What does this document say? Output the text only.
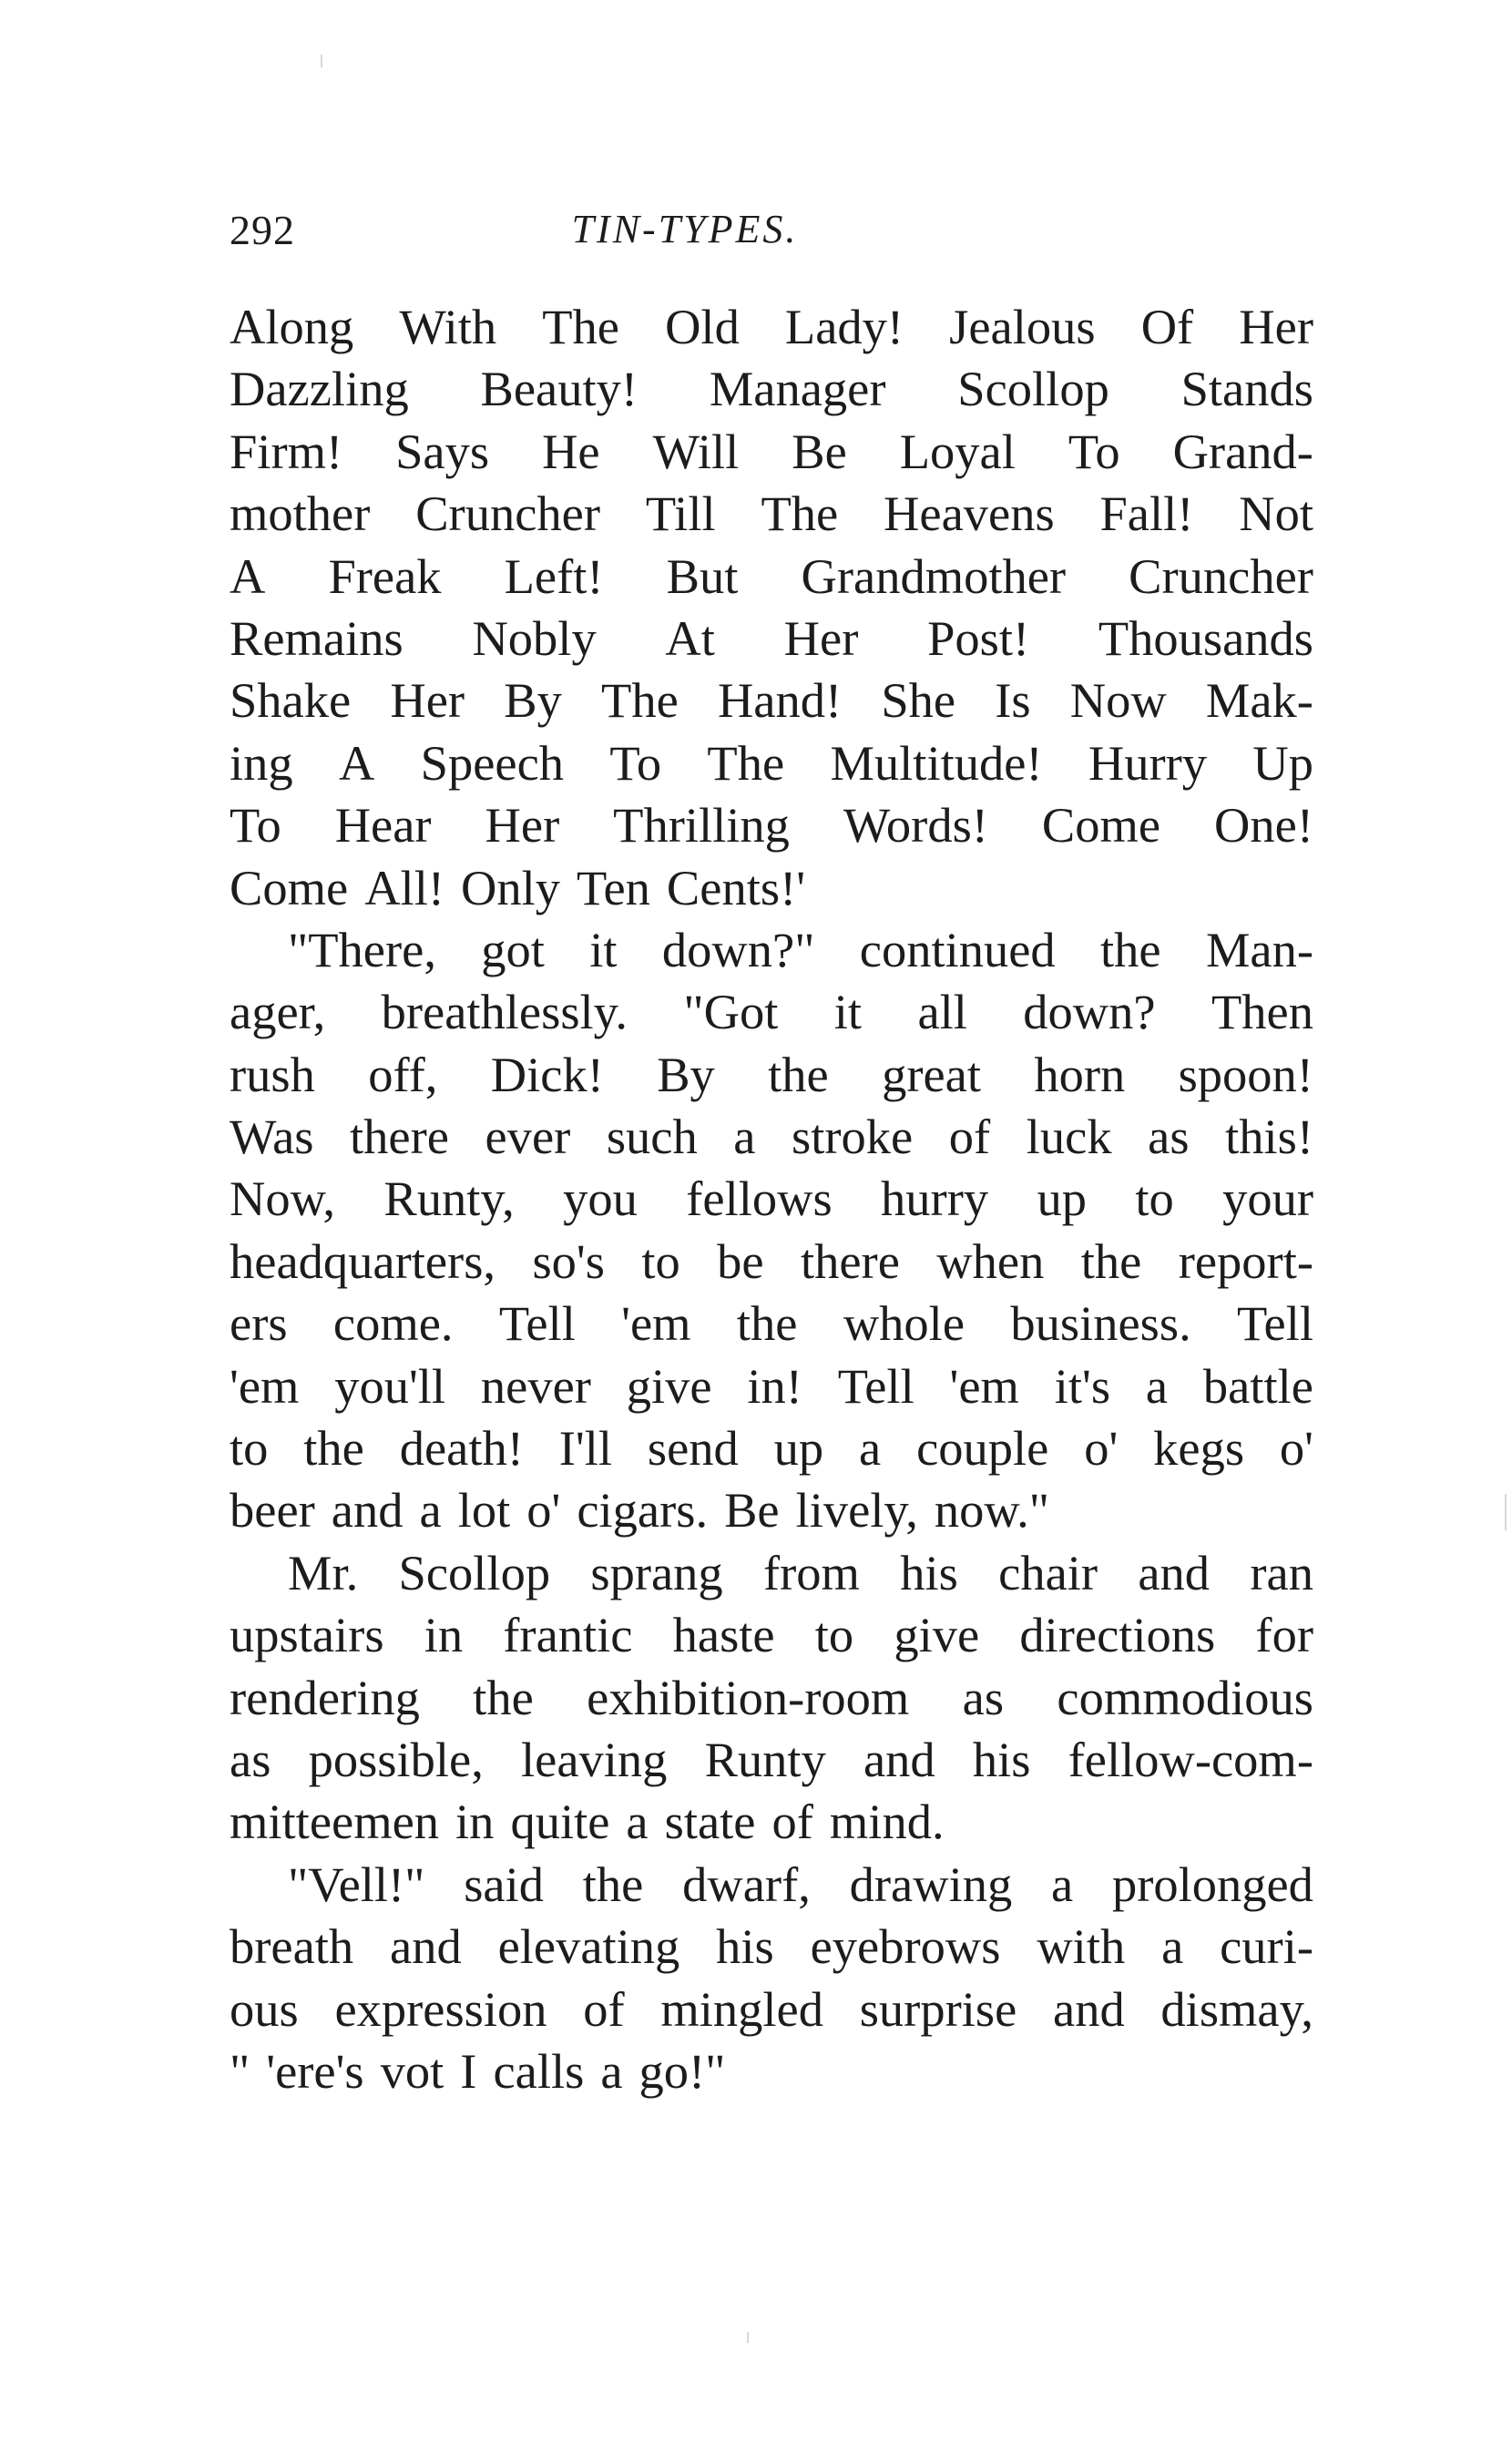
292	TIN-TYPES.
Along With The Old Lady! Jealous Of Her
Dazzling Beauty! Manager Scollop Stands
Firm! Says He Will Be Loyal To Grand-
mother Cruncher Till The Heavens Fall! Not
A Freak Left! But Grandmother Cruncher
Remains Nobly At Her Post! Thousands
Shake Her By The Hand! She Is Now Mak-
ing A Speech To The Multitude! Hurry Up
To Hear Her Thrilling Words! Come One!
Come All! Only Ten Cents!'
"There, got it down?" continued the Man-
ager, breathlessly. "Got it all down? Then
rush off, Dick! By the great horn spoon!
Was there ever such a stroke of luck as this!
Now, Runty, you fellows hurry up to your
headquarters, so's to be there when the report-
ers come. Tell 'em the whole business. Tell
'em you'll never give in! Tell 'em it's a battle
to the death! I'll send up a couple o' kegs o'
beer and a lot o' cigars. Be lively, now."
Mr. Scollop sprang from his chair and ran
upstairs in frantic haste to give directions for
rendering the exhibition-room as commodious
as possible, leaving Runty and his fellow-com-
mitteemen in quite a state of mind.
"Vell!" said the dwarf, drawing a prolonged
breath and elevating his eyebrows with a curi-
ous expression of mingled surprise and dismay,
" 'ere's vot I calls a go!"
